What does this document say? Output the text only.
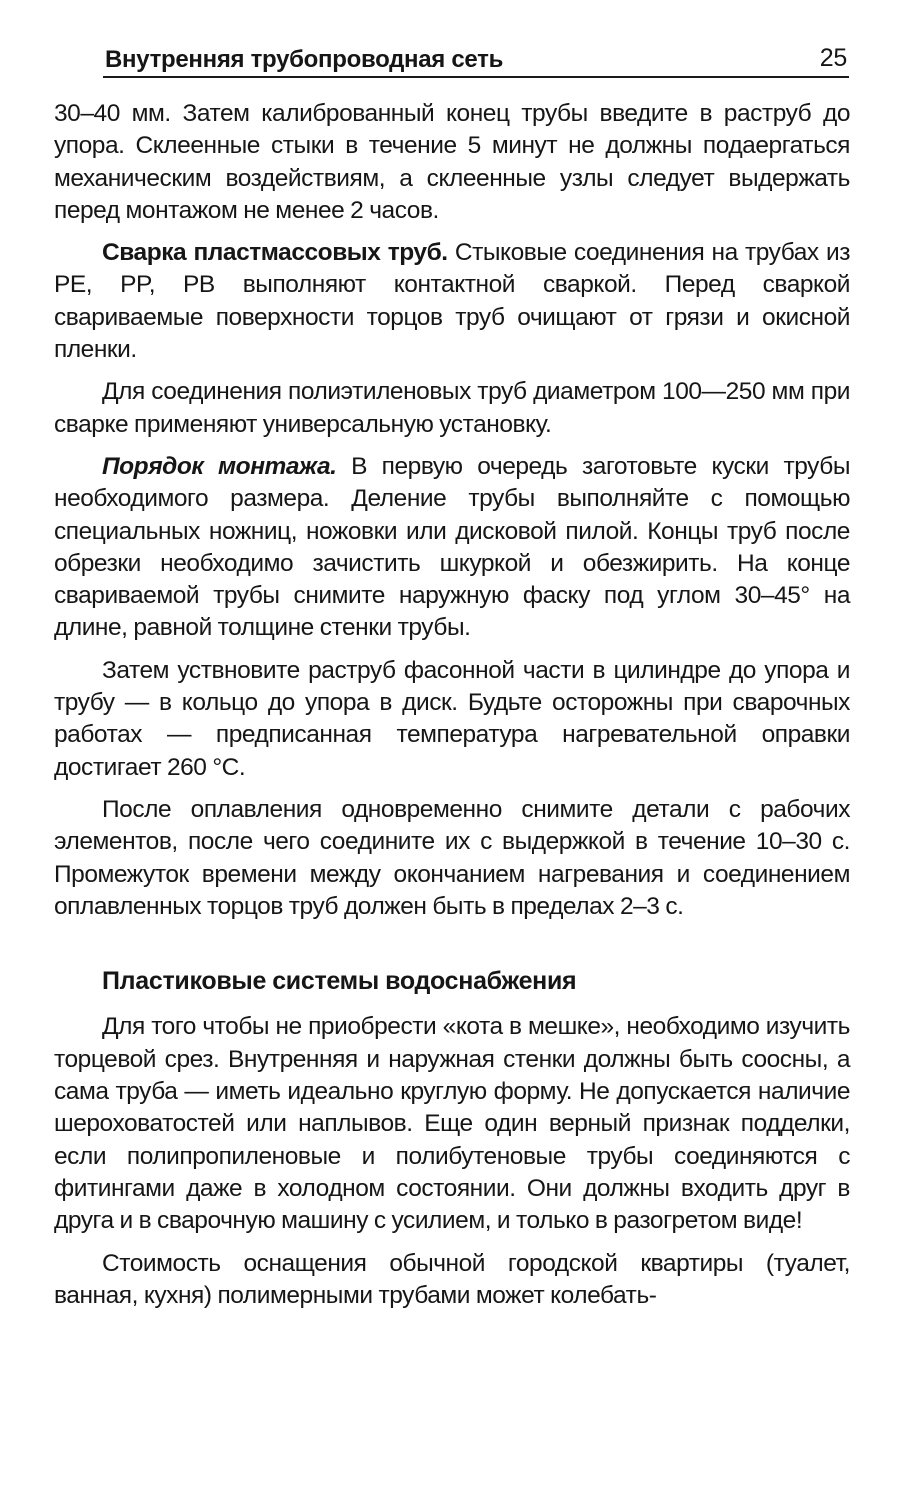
Внутренняя трубопроводная сеть	25

30–40 мм. Затем калиброванный конец трубы введите в раструб до упора. Склеенные стыки в течение 5 минут не должны подаергаться механическим воздействиям, а склеенные узлы следует выдержать перед монтажом не менее 2 часов.

Сварка пластмассовых труб. Стыковые соединения на трубах из PE, PP, PB выполняют контактной сваркой. Перед сваркой свариваемые поверхности торцов труб очищают от грязи и окисной пленки.

Для соединения полиэтиленовых труб диаметром 100—250 мм при сварке применяют универсальную установку.

Порядок монтажа. В первую очередь заготовьте куски трубы необходимого размера. Деление трубы выполняйте с помощью специальных ножниц, ножовки или дисковой пилой. Концы труб после обрезки необходимо зачистить шкуркой и обезжирить. На конце свариваемой трубы снимите наружную фаску под углом 30–45° на длине, равной толщине стенки трубы.

Затем уствновите раструб фасонной части в цилиндре до упора и трубу — в кольцо до упора в диск. Будьте осторожны при сварочных работах — предписанная температура нагревательной оправки достигает 260 °С.

После оплавления одновременно снимите детали с рабочих элементов, после чего соедините их с выдержкой в течение 10–30 с. Промежуток времени между окончанием нагревания и соединением оплавленных торцов труб должен быть в пределах 2–3 с.

Пластиковые системы водоснабжения

Для того чтобы не приобрести «кота в мешке», необходимо изучить торцевой срез. Внутренняя и наружная стенки должны быть соосны, а сама труба — иметь идеально круглую форму. Не допускается наличие шероховатостей или наплывов. Еще один верный признак подделки, если полипропиленовые и полибутеновые трубы соединяются с фитингами даже в холодном состоянии. Они должны входить друг в друга и в сварочную машину с усилием, и только в разогретом виде!

Стоимость оснащения обычной городской квартиры (туалет, ванная, кухня) полимерными трубами может колебать-
